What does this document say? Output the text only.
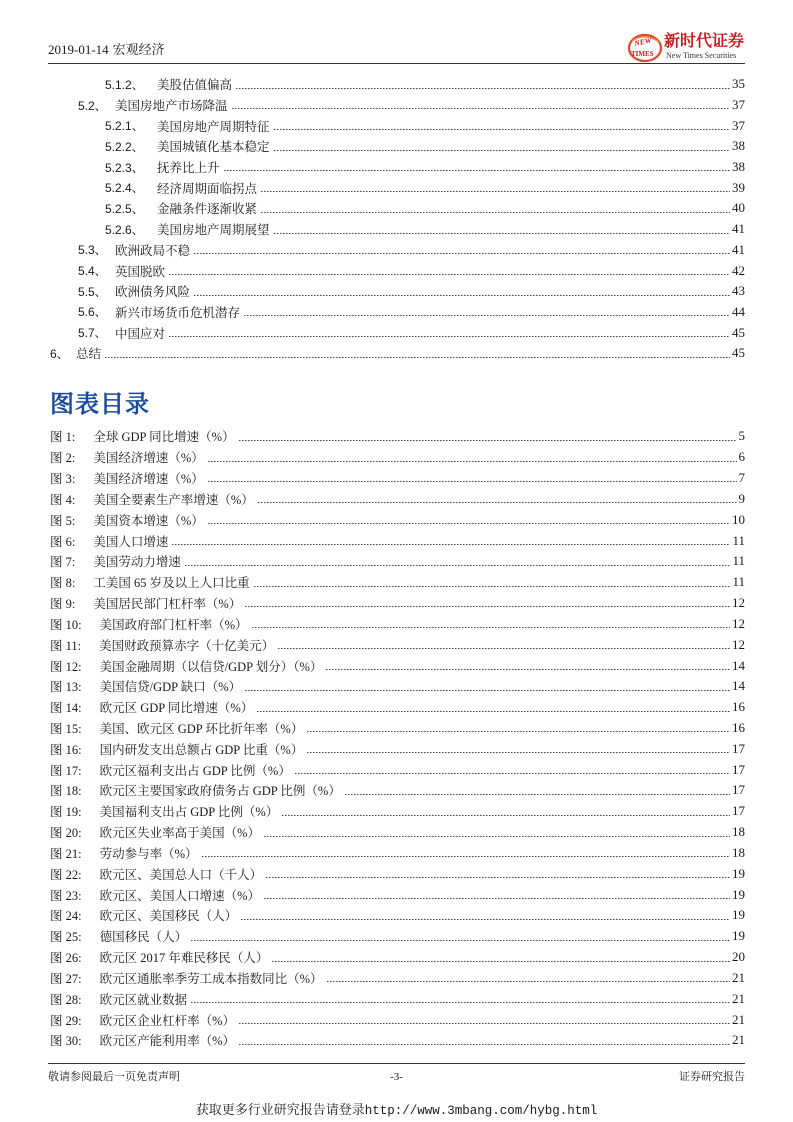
2019-01-14 宏观经济
NEW
TIMES
新时代证券
New Times Securities
5.1.2、	美股估值偏高	35
5.2、 美国房地产市场降温	37
5.2.1、	美国房地产周期特征	37
5.2.2、	美国城镇化基本稳定	38
5.2.3、	抚养比上升	38
5.2.4、	经济周期面临拐点	39
5.2.5、	金融条件逐渐收紧	40
5.2.6、	美国房地产周期展望	41
5.3、 欧洲政局不稳	41
5.4、 英国脱欧	42
5.5、 欧洲债务风险	43
5.6、 新兴市场货币危机潜存	44
5.7、 中国应对	45
6、 总结	45
图表目录
图 1:	全球 GDP 同比增速（%）	5
图 2:	美国经济增速（%）	6
图 3:	美国经济增速（%）	7
图 4:	美国全要素生产率增速（%）	9
图 5:	美国资本增速（%）	10
图 6:	美国人口增速	11
图 7:	美国劳动力增速	11
图 8:	工美国 65 岁及以上人口比重	11
图 9:	美国居民部门杠杆率（%）	12
图 10:	美国政府部门杠杆率（%）	12
图 11:	美国财政预算赤字（十亿美元）	12
图 12:	美国金融周期（以信贷/GDP 划分）（%）	14
图 13:	美国信贷/GDP 缺口（%）	14
图 14:	欧元区 GDP 同比增速（%）	16
图 15:	美国、欧元区 GDP 环比折年率（%）	16
图 16:	国内研发支出总额占 GDP 比重（%）	17
图 17:	欧元区福利支出占 GDP 比例（%）	17
图 18:	欧元区主要国家政府债务占 GDP 比例（%）	17
图 19:	美国福利支出占 GDP 比例（%）	17
图 20:	欧元区失业率高于美国（%）	18
图 21:	劳动参与率（%）	18
图 22:	欧元区、美国总人口（千人）	19
图 23:	欧元区、美国人口增速（%）	19
图 24:	欧元区、美国移民（人）	19
图 25:	德国移民（人）	19
图 26:	欧元区 2017 年难民移民（人）	20
图 27:	欧元区通胀率季劳工成本指数同比（%）	21
图 28:	欧元区就业数据	21
图 29:	欧元区企业杠杆率（%）	21
图 30:	欧元区产能利用率（%）	21
敬请参阅最后一页免责声明	-3-	证券研究报告
获取更多行业研究报告请登录http://www.3mbang.com/hybg.html
